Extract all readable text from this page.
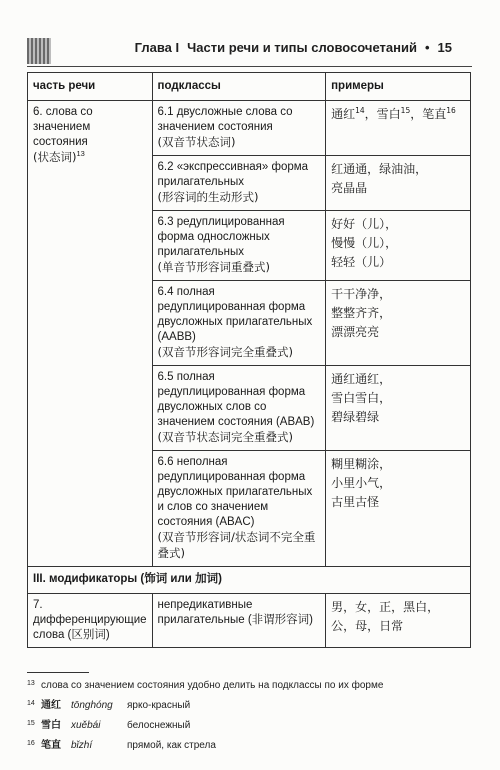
Глава I Части речи и типы словосочетаний • 15
часть речи	подклассы	примеры
6. слова со значением состояния
(状态词)$^{13}$	6.1 двусложные слова со значением состояния
(双音节状态词)	通红$^{14}$，雪白$^{15}$，笔直$^{16}$
	6.2 «экспрессивная» форма прилагательных
(形容词的生动形式)	红通通，绿油油，
亮晶晶
	6.3 редуплицированная форма односложных прилагательных
(单音节形容词重叠式)	好好（儿），
慢慢（儿），
轻轻（儿）
	6.4 полная редуплицированная форма двусложных прилагательных (AABB)
(双音节形容词完全重叠式)	干干净净，
整整齐齐，
漂漂亮亮
	6.5 полная редуплицированная форма двусложных слов со значением состояния (ABAB)
(双音节状态词完全重叠式)	通红通红，
雪白雪白，
碧绿碧绿
	6.6 неполная редуплицированная форма двусложных прилагательных и слов со значением состояния (ABAC)
(双音节形容词/状态词不完全重叠式)	糊里糊涂，
小里小气，
古里古怪
III. модификаторы (饰词 или 加词)		
7. дифференцирующие слова (区别词)	непредикативные прилагательные (非谓形容词)	男，女，正，黑白，
公，母，日常
13 слова со значением состояния удобно делить на подклассы по их форме
14 通红	tōnghóng	ярко-красный
15 雪白	xuěbái	белоснежный
16 笔直	bǐzhí	прямой, как стрела
